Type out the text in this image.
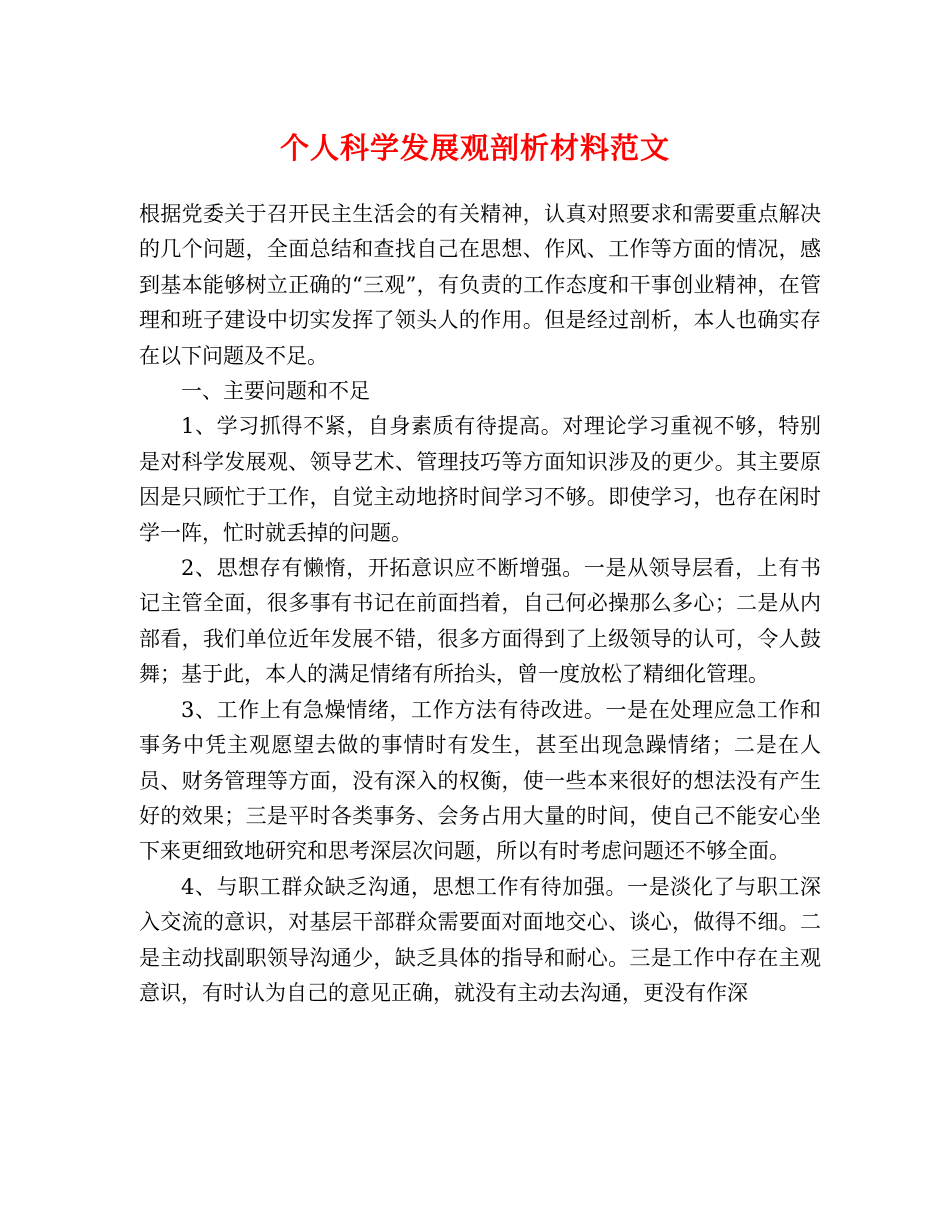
个人科学发展观剖析材料范文

根据党委关于召开民主生活会的有关精神，认真对照要求和需要重点解决的几个问题，全面总结和查找自己在思想、作风、工作等方面的情况，感到基本能够树立正确的“三观”，有负责的工作态度和干事创业精神，在管理和班子建设中切实发挥了领头人的作用。但是经过剖析，本人也确实存在以下问题及不足。

一、主要问题和不足

1、学习抓得不紧，自身素质有待提高。对理论学习重视不够，特别是对科学发展观、领导艺术、管理技巧等方面知识涉及的更少。其主要原因是只顾忙于工作，自觉主动地挤时间学习不够。即使学习，也存在闲时学一阵，忙时就丢掉的问题。

2、思想存有懒惰，开拓意识应不断增强。一是从领导层看，上有书记主管全面，很多事有书记在前面挡着，自己何必操那么多心；二是从内部看，我们单位近年发展不错，很多方面得到了上级领导的认可，令人鼓舞；基于此，本人的满足情绪有所抬头，曾一度放松了精细化管理。

3、工作上有急燥情绪，工作方法有待改进。一是在处理应急工作和事务中凭主观愿望去做的事情时有发生，甚至出现急躁情绪；二是在人员、财务管理等方面，没有深入的权衡，使一些本来很好的想法没有产生好的效果；三是平时各类事务、会务占用大量的时间，使自己不能安心坐下来更细致地研究和思考深层次问题，所以有时考虑问题还不够全面。

4、与职工群众缺乏沟通，思想工作有待加强。一是淡化了与职工深入交流的意识，对基层干部群众需要面对面地交心、谈心，做得不细。二是主动找副职领导沟通少，缺乏具体的指导和耐心。三是工作中存在主观意识，有时认为自己的意见正确，就没有主动去沟通，更没有作深
